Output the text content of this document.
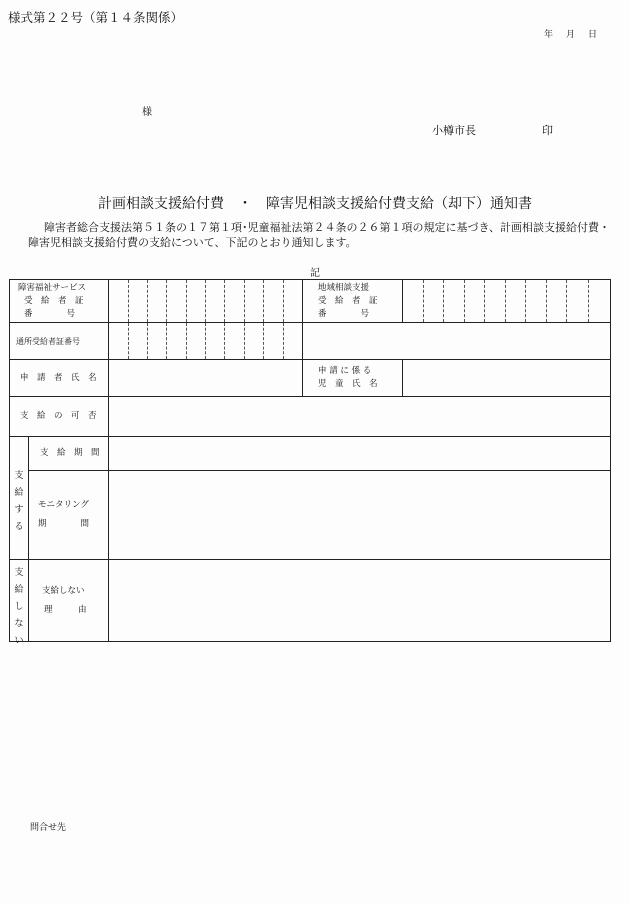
様式第２２号（第１４条関係）
年　月　日
様
小樽市長	印
計画相談支援給付費　・　障害児相談支援給付費支給（却下）通知書
障害者総合支援法第５１条の１７第１項･児童福祉法第２４条の２６第１項の規定に基づき、計画相談支援給付費・障害児相談支援給付費の支給について、下記のとおり通知します。
記
障害福祉サービス
受　給　者　証
番　　　　号
地域相談支援
受　給　者　証
番　　　　号
通所受給者証番号
申　請　者　氏　名
申 請 に 係 る
児　童　氏　名
支　給　の　可　否
支給する
支　給　期　間
モニタリング
期　　　　間
支給しない
支給しない
理　　　由
問合せ先
